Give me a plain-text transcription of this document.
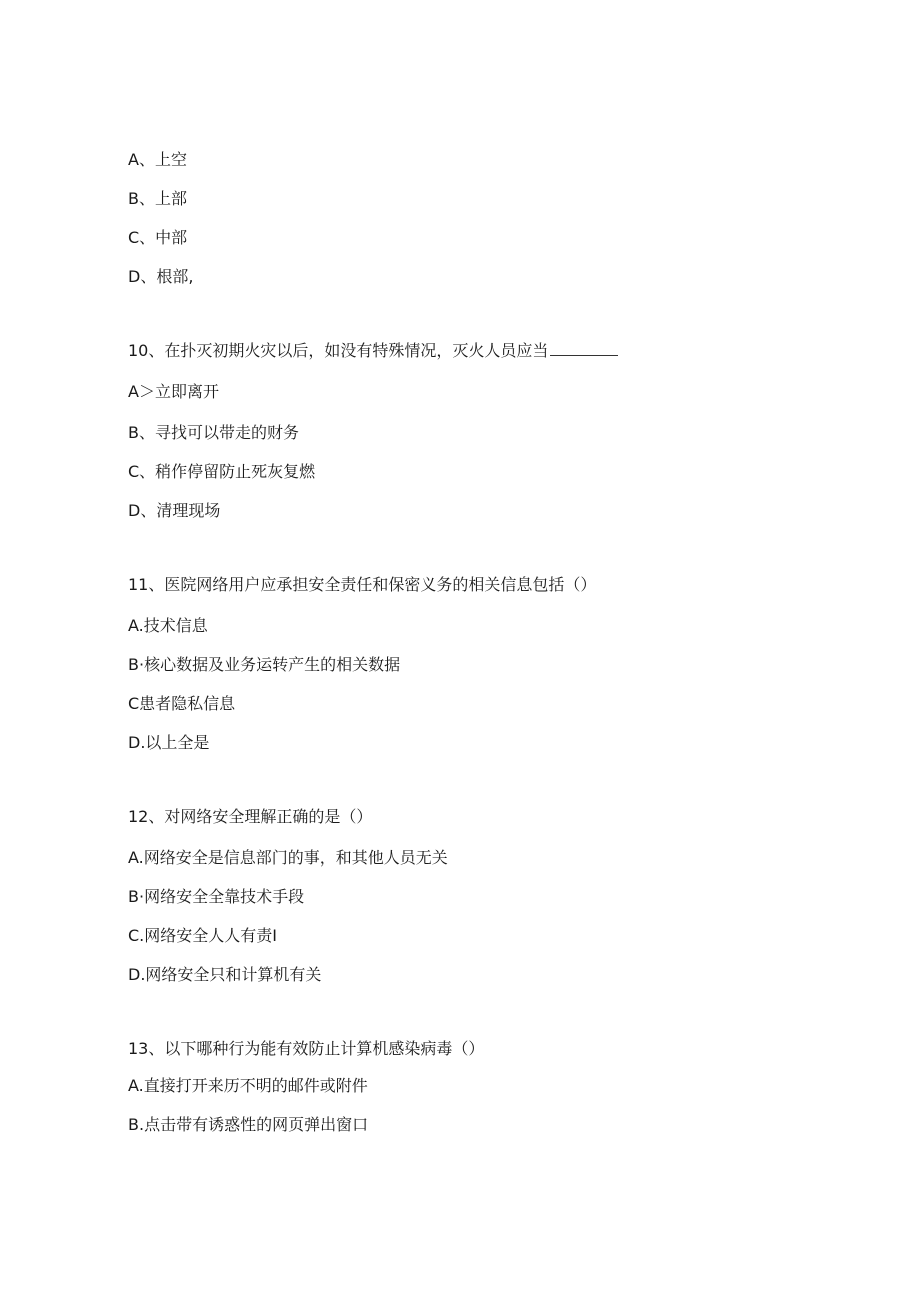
A、上空
B、上部
C、中部
D、根部,
10、在扑灭初期火灾以后，如没有特殊情况，灭火人员应当
A＞立即离开
B、寻找可以带走的财务
C、稍作停留防止死灰复燃
D、清理现场
11、医院网络用户应承担安全责任和保密义务的相关信息包括（）
A.技术信息
B·核心数据及业务运转产生的相关数据
C患者隐私信息
D.以上全是
12、对网络安全理解正确的是（）
A.网络安全是信息部门的事，和其他人员无关
B·网络安全全靠技术手段
C.网络安全人人有责I
D.网络安全只和计算机有关
13、以下哪种行为能有效防止计算机感染病毒（）
A.直接打开来历不明的邮件或附件
B.点击带有诱惑性的网页弹出窗口
